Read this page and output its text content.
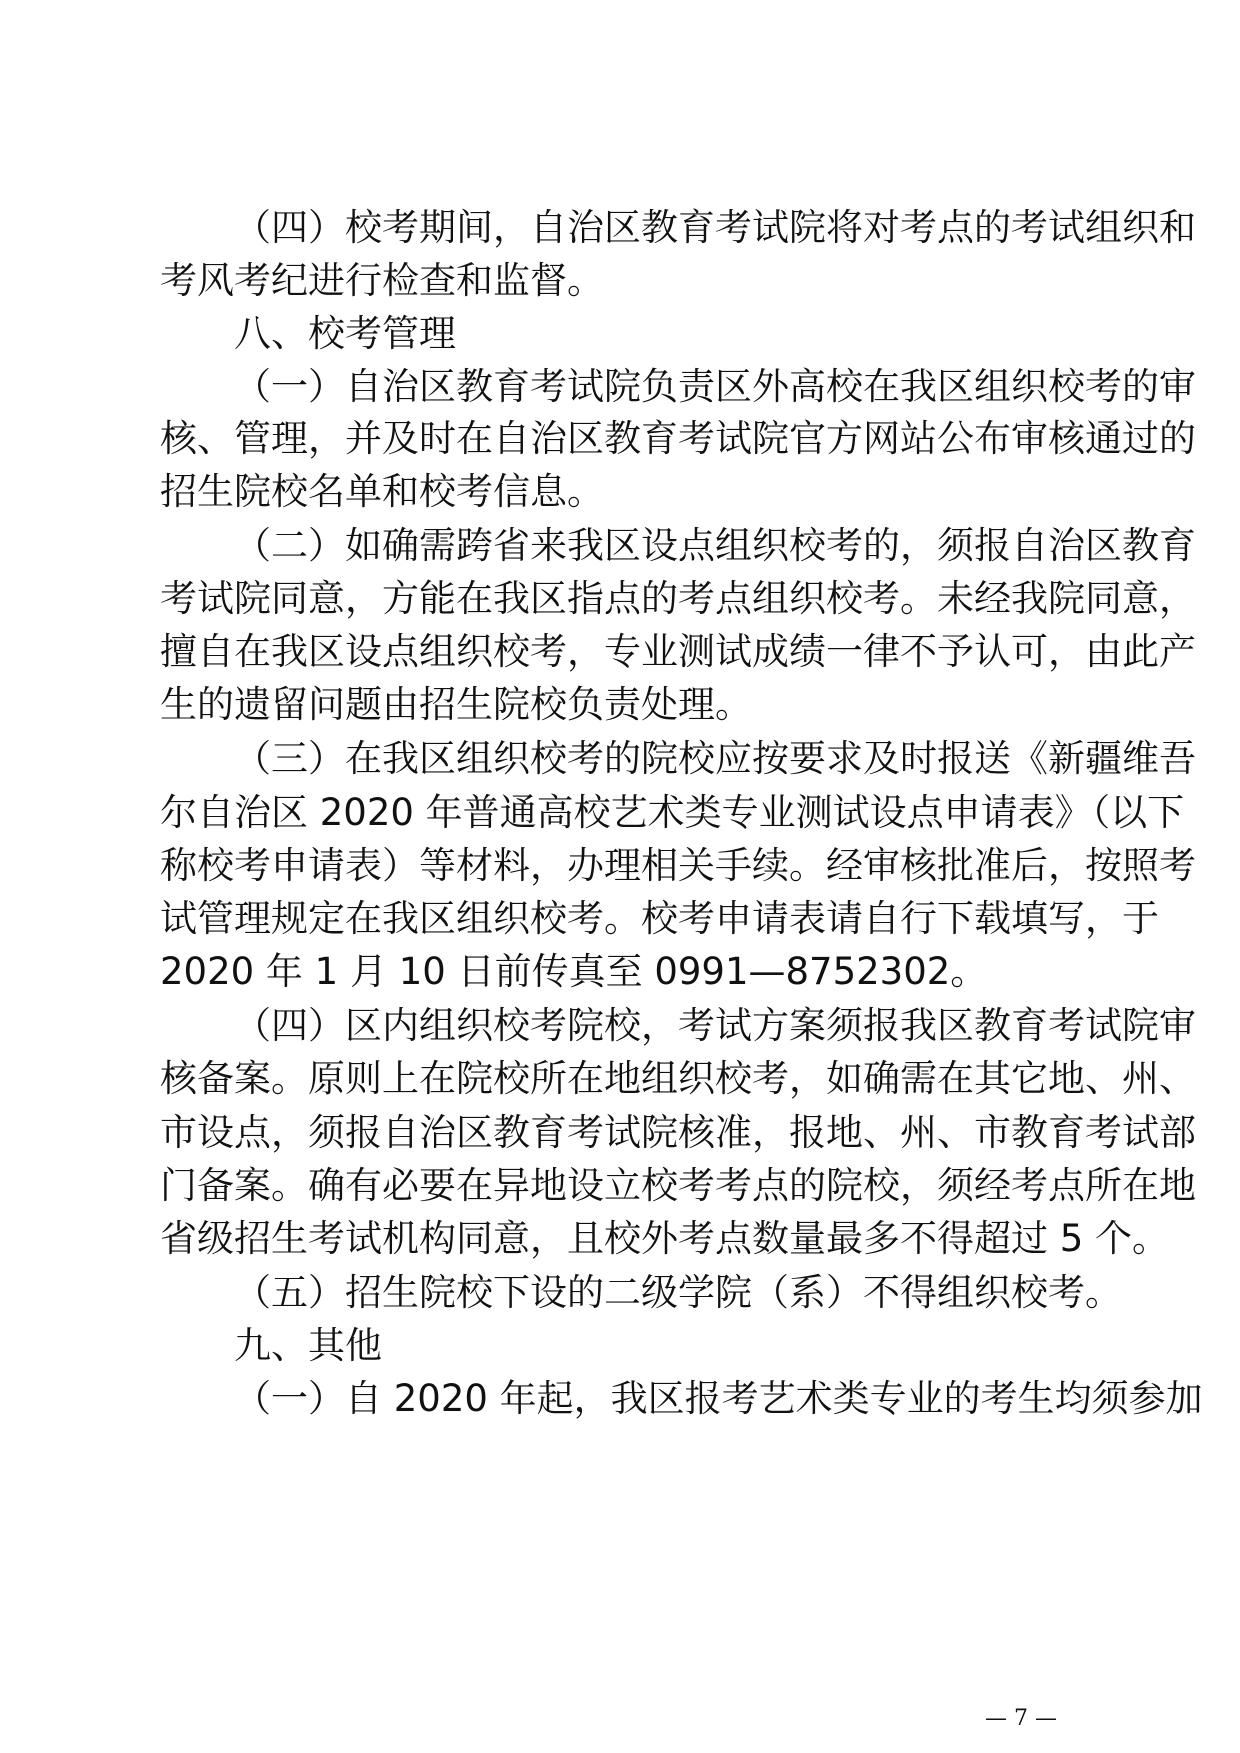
（四）校考期间，自治区教育考试院将对考点的考试组织和
考风考纪进行检查和监督。
八、校考管理
（一）自治区教育考试院负责区外高校在我区组织校考的审
核、管理，并及时在自治区教育考试院官方网站公布审核通过的
招生院校名单和校考信息。
（二）如确需跨省来我区设点组织校考的，须报自治区教育
考试院同意，方能在我区指点的考点组织校考。未经我院同意，
擅自在我区设点组织校考，专业测试成绩一律不予认可，由此产
生的遗留问题由招生院校负责处理。
（三）在我区组织校考的院校应按要求及时报送《新疆维吾
尔自治区 2020 年普通高校艺术类专业测试设点申请表》（以下
称校考申请表）等材料，办理相关手续。经审核批准后，按照考
试管理规定在我区组织校考。校考申请表请自行下载填写，于
2020 年 1 月 10 日前传真至 0991—8752302。
（四）区内组织校考院校，考试方案须报我区教育考试院审
核备案。原则上在院校所在地组织校考，如确需在其它地、州、
市设点，须报自治区教育考试院核准，报地、州、市教育考试部
门备案。确有必要在异地设立校考考点的院校，须经考点所在地
省级招生考试机构同意，且校外考点数量最多不得超过 5 个。
（五）招生院校下设的二级学院（系）不得组织校考。
九、其他
（一）自 2020 年起，我区报考艺术类专业的考生均须参加
— 7 —
